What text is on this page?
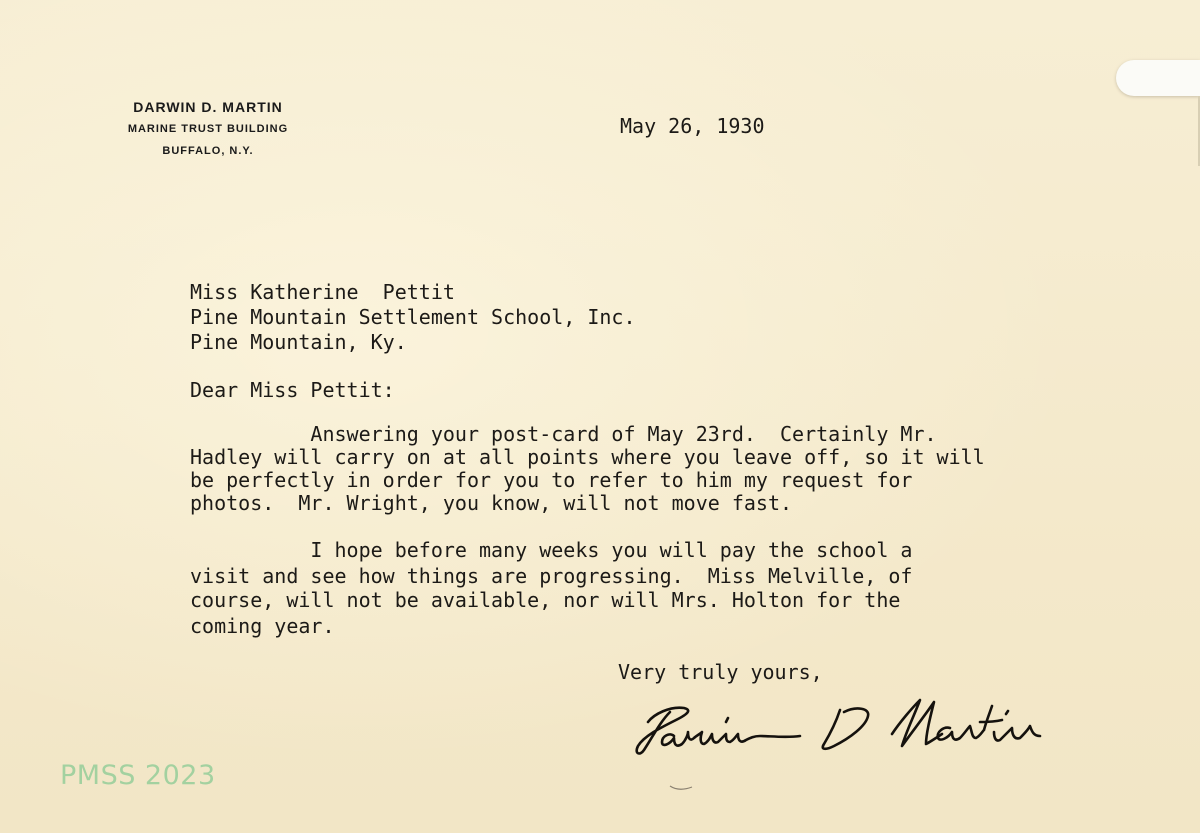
DARWIN D. MARTIN
MARINE TRUST BUILDING
BUFFALO, N.Y.
May 26, 1930
Miss Katherine  Pettit
Pine Mountain Settlement School, Inc.
Pine Mountain, Ky.
Dear Miss Pettit:
Answering your post-card of May 23rd.  Certainly Mr.
Hadley will carry on at all points where you leave off, so it will
be perfectly in order for you to refer to him my request for
photos.  Mr. Wright, you know, will not move fast.
I hope before many weeks you will pay the school a
visit and see how things are progressing.  Miss Melville, of
course, will not be available, nor will Mrs. Holton for the
coming year.
Very truly yours,
PMSS 2023
